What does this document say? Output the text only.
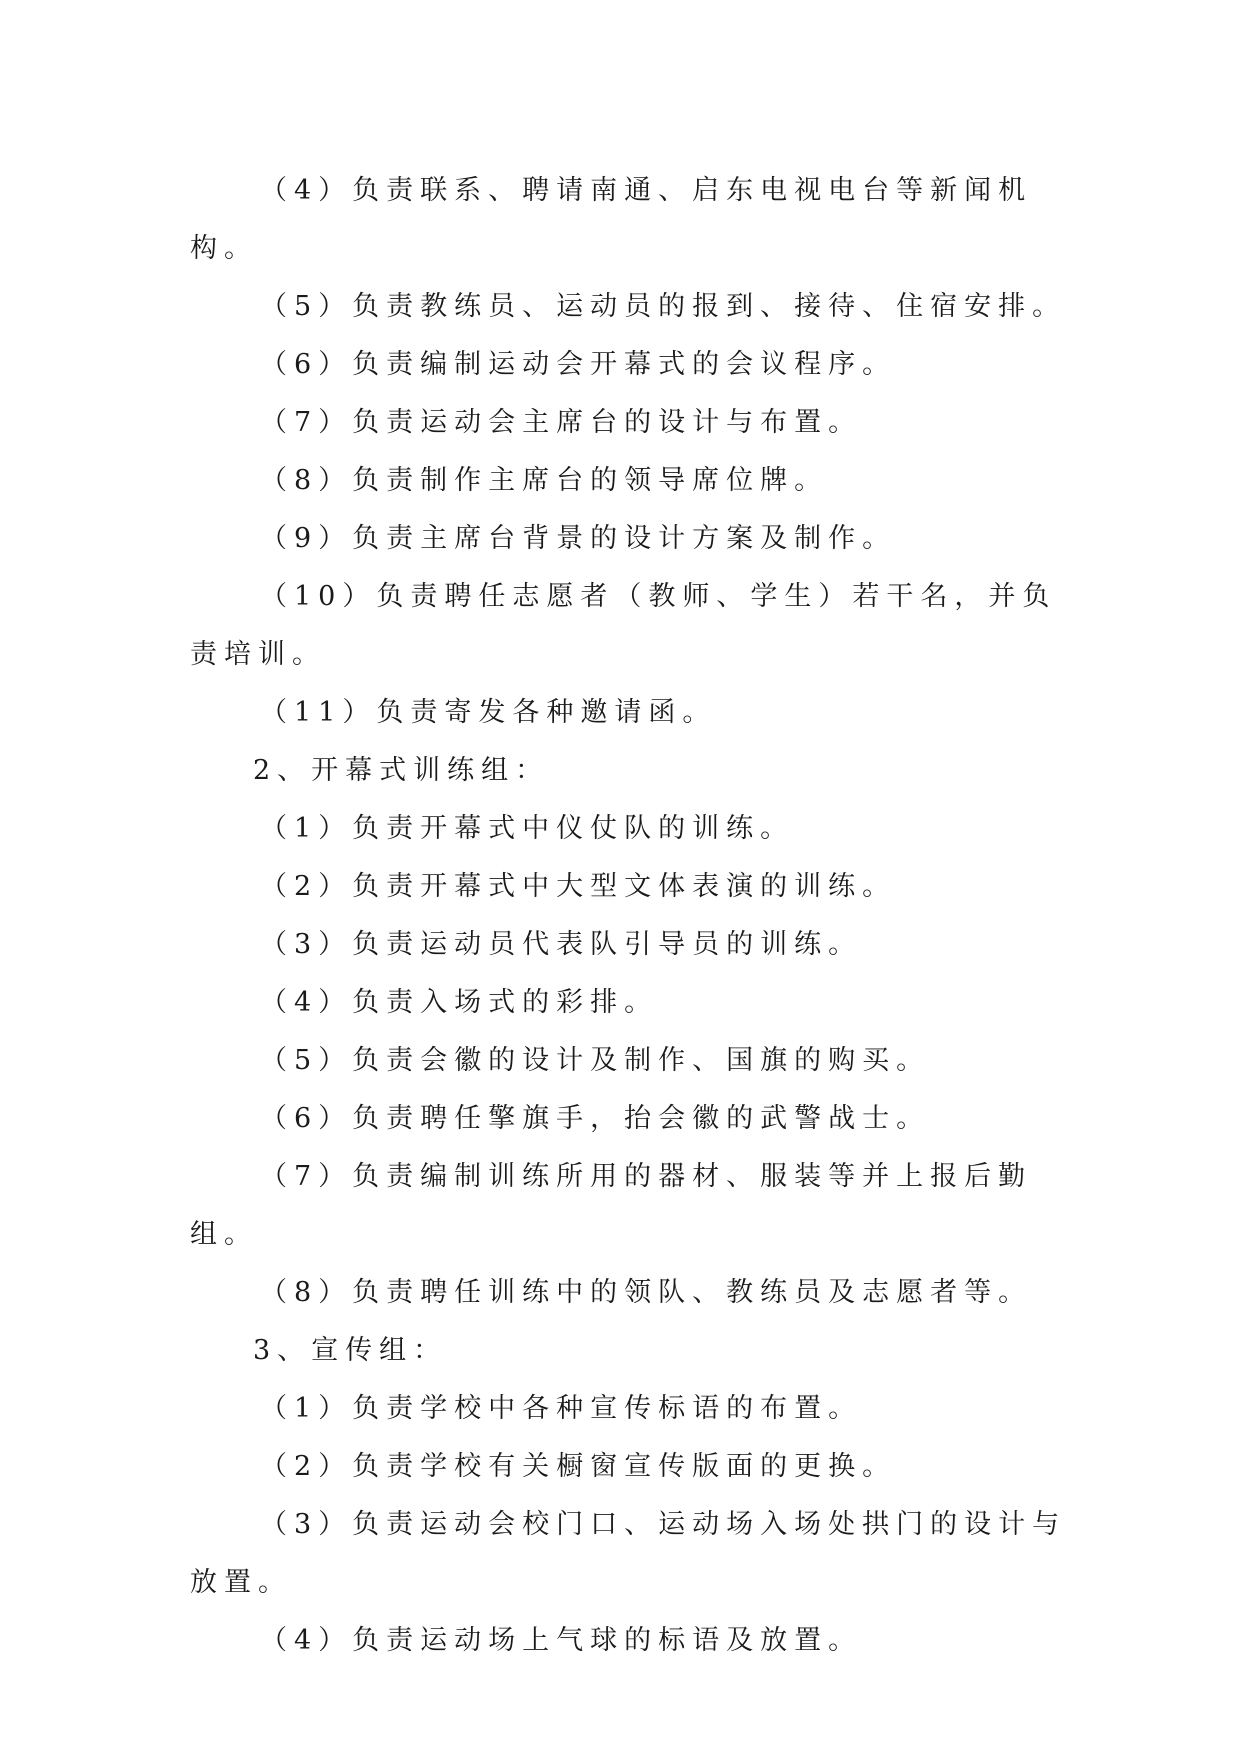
（4）负责联系、聘请南通、启东电视电台等新闻机构。

（5）负责教练员、运动员的报到、接待、住宿安排。

（6）负责编制运动会开幕式的会议程序。

（7）负责运动会主席台的设计与布置。

（8）负责制作主席台的领导席位牌。

（9）负责主席台背景的设计方案及制作。

（10）负责聘任志愿者（教师、学生）若干名，并负责培训。

（11）负责寄发各种邀请函。

2、开幕式训练组：

（1）负责开幕式中仪仗队的训练。

（2）负责开幕式中大型文体表演的训练。

（3）负责运动员代表队引导员的训练。

（4）负责入场式的彩排。

（5）负责会徽的设计及制作、国旗的购买。

（6）负责聘任擎旗手，抬会徽的武警战士。

（7）负责编制训练所用的器材、服装等并上报后勤组。

（8）负责聘任训练中的领队、教练员及志愿者等。

3、宣传组：

（1）负责学校中各种宣传标语的布置。

（2）负责学校有关橱窗宣传版面的更换。

（3）负责运动会校门口、运动场入场处拱门的设计与放置。

（4）负责运动场上气球的标语及放置。
